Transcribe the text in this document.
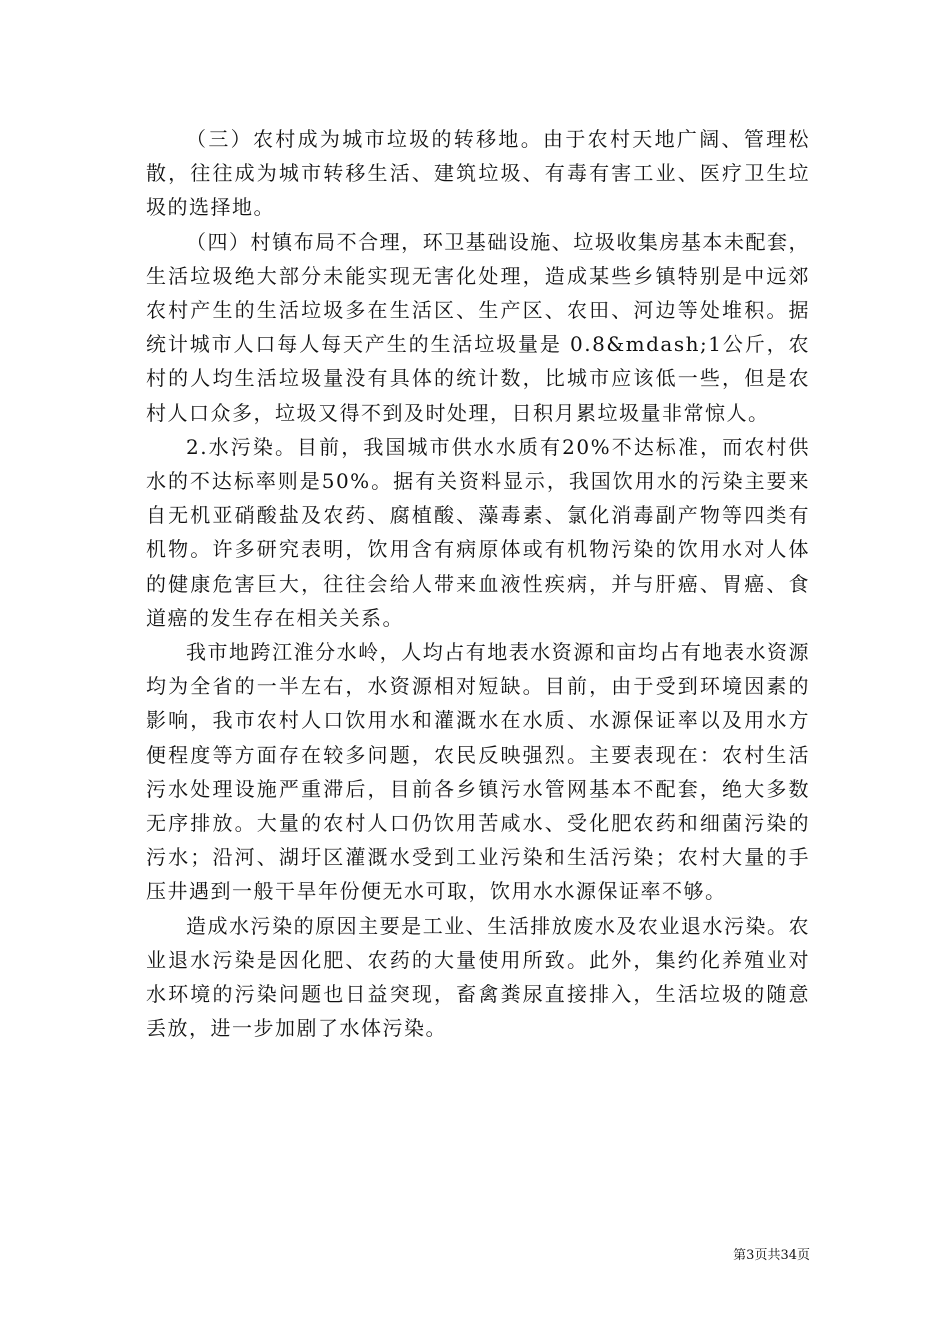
（三）农村成为城市垃圾的转移地。由于农村天地广阔、管理松散，往往成为城市转移生活、建筑垃圾、有毒有害工业、医疗卫生垃圾的选择地。

（四）村镇布局不合理，环卫基础设施、垃圾收集房基本未配套，生活垃圾绝大部分未能实现无害化处理，造成某些乡镇特别是中远郊农村产生的生活垃圾多在生活区、生产区、农田、河边等处堆积。据统计城市人口每人每天产生的生活垃圾量是 0.8&mdash;1公斤，农村的人均生活垃圾量没有具体的统计数，比城市应该低一些，但是农村人口众多，垃圾又得不到及时处理，日积月累垃圾量非常惊人。

2.水污染。目前，我国城市供水水质有20%不达标准，而农村供水的不达标率则是50%。据有关资料显示，我国饮用水的污染主要来自无机亚硝酸盐及农药、腐植酸、藻毒素、氯化消毒副产物等四类有机物。许多研究表明，饮用含有病原体或有机物污染的饮用水对人体的健康危害巨大，往往会给人带来血液性疾病，并与肝癌、胃癌、食道癌的发生存在相关关系。

我市地跨江淮分水岭，人均占有地表水资源和亩均占有地表水资源均为全省的一半左右，水资源相对短缺。目前，由于受到环境因素的影响，我市农村人口饮用水和灌溉水在水质、水源保证率以及用水方便程度等方面存在较多问题，农民反映强烈。主要表现在：农村生活污水处理设施严重滞后，目前各乡镇污水管网基本不配套，绝大多数无序排放。大量的农村人口仍饮用苦咸水、受化肥农药和细菌污染的污水；沿河、湖圩区灌溉水受到工业污染和生活污染；农村大量的手压井遇到一般干旱年份便无水可取，饮用水水源保证率不够。

造成水污染的原因主要是工业、生活排放废水及农业退水污染。农业退水污染是因化肥、农药的大量使用所致。此外，集约化养殖业对水环境的污染问题也日益突现，畜禽粪尿直接排入，生活垃圾的随意丢放，进一步加剧了水体污染。

第3页共34页
